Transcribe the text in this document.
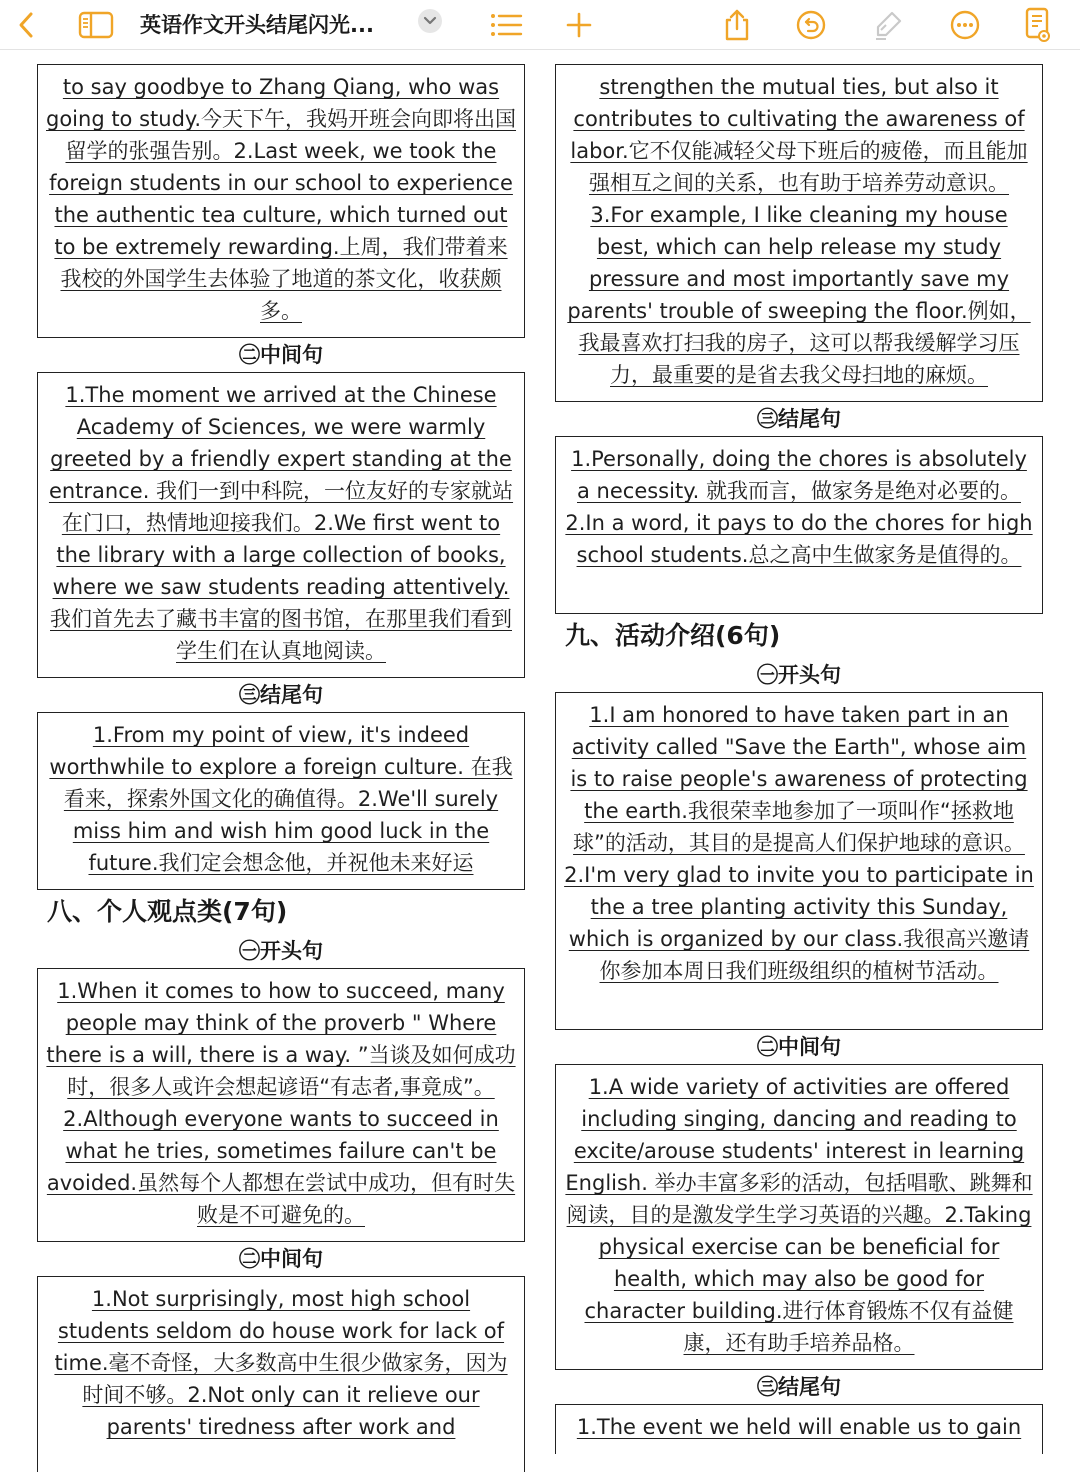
英语作文开头结尾闪光...
to say goodbye to Zhang Qiang, who was going to study.今天下午，我妈开班会向即将出国留学的张强告别。2.Last week, we took the foreign students in our school to experience the authentic tea culture, which turned out to be extremely rewarding.上周，我们带着来我校的外国学生去体验了地道的茶文化，收获颇多。
㊁中间句
1.The moment we arrived at the Chinese Academy of Sciences, we were warmly greeted by a friendly expert standing at the entrance. 我们一到中科院，一位友好的专家就站在门口，热情地迎接我们。2.We first went to the library with a large collection of books, where we saw students reading attentively.我们首先去了藏书丰富的图书馆，在那里我们看到学生们在认真地阅读。
㊂结尾句
1.From my point of view, it's indeed worthwhile to explore a foreign culture. 在我看来，探索外国文化的确值得。2.We'll surely miss him and wish him good luck in the future.我们定会想念他，并祝他未来好运
八、个人观点类(7句)
㊀开头句
1.When it comes to how to succeed, many people may think of the proverb " Where there is a will, there is a way. ”当谈及如何成功时，很多人或许会想起谚语“有志者,事竟成”。2.Although everyone wants to succeed in what he tries, sometimes failure can't be avoided.虽然每个人都想在尝试中成功，但有时失败是不可避免的。
㊁中间句
1.Not surprisingly, most high school students seldom do house work for lack of time.毫不奇怪，大多数高中生很少做家务，因为时间不够。2.Not only can it relieve our parents' tiredness after work and
strengthen the mutual ties, but also it contributes to cultivating the awareness of labor.它不仅能减轻父母下班后的疲倦，而且能加强相互之间的关系，也有助于培养劳动意识。3.For example, I like cleaning my house best, which can help release my study pressure and most importantly save my parents' trouble of sweeping the floor.例如，我最喜欢打扫我的房子，这可以帮我缓解学习压力，最重要的是省去我父母扫地的麻烦。
㊂结尾句
1.Personally, doing the chores is absolutely a necessity. 就我而言，做家务是绝对必要的。2.In a word, it pays to do the chores for high school students.总之高中生做家务是值得的。
九、活动介绍(6句)
㊀开头句
1.I am honored to have taken part in an activity called "Save the Earth", whose aim is to raise people's awareness of protecting the earth.我很荣幸地参加了一项叫作“拯救地球”的活动，其目的是提高人们保护地球的意识。2.I'm very glad to invite you to participate in the a tree planting activity this Sunday, which is organized by our class.我很高兴邀请你参加本周日我们班级组织的植树节活动。
㊁中间句
1.A wide variety of activities are offered including singing, dancing and reading to excite/arouse students' interest in learning English. 举办丰富多彩的活动，包括唱歌、跳舞和阅读，目的是激发学生学习英语的兴趣。2.Taking physical exercise can be beneficial for health, which may also be good for character building.进行体育锻炼不仅有益健康，还有助手培养品格。
㊂结尾句
1.The event we held will enable us to gain
